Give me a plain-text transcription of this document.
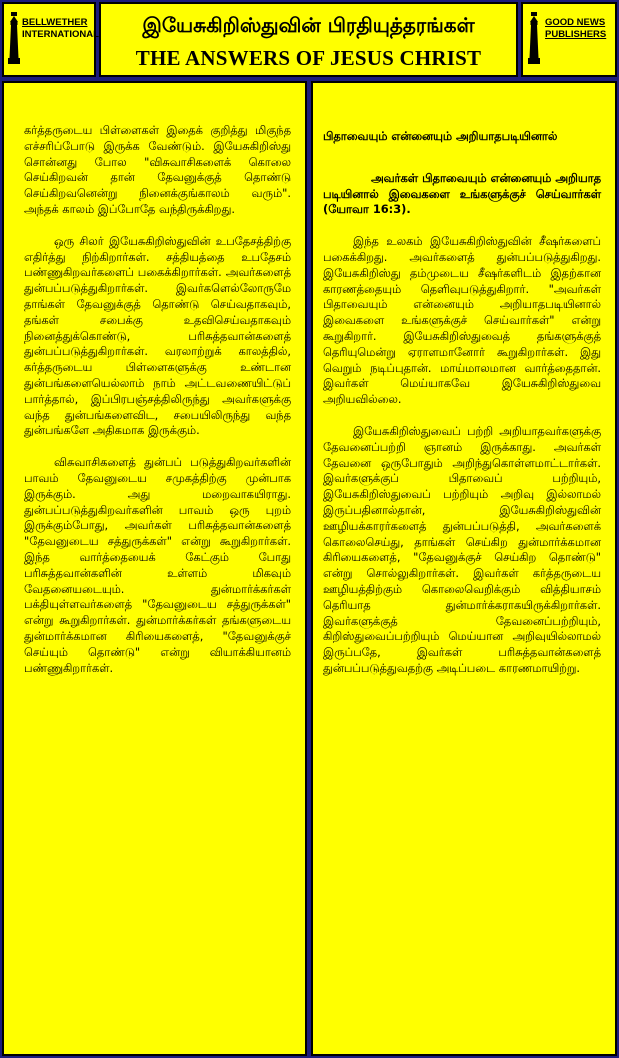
BELLWETHER
INTERNATIONAL	இயேசுகிறிஸ்துவின் பிரதியுத்தரங்கள்
THE ANSWERS OF JESUS CHRIST
GOOD NEWS
PUBLISHERS

கர்த்தருடைய பிள்ளைகள் இதைக் குறித்து மிகுந்த எச்சரிப்போடு இருக்க வேண்டும். இயேசுகிறிஸ்து சொன்னது போல "விசுவாசிகளைக் கொலை செய்கிறவன் தான் தேவனுக்குத் தொண்டு செய்கிறவனென்று நினைக்குங்காலம் வரும்". அந்தக் காலம் இப்போதே வந்திருக்கிறது.

ஒரு சிலர் இயேசுகிறிஸ்துவின் உபதேசத்திற்கு எதிர்த்து நிற்கிறார்கள். சத்தியத்தை உபதேசம் பண்ணுகிறவர்களைப் பகைக்கிறார்கள். அவர்களைத் துன்பப்படுத்துகிறார்கள். இவர்களெல்லோருமே தாங்கள் தேவனுக்குத் தொண்டு செய்வதாகவும், தங்கள் சபைக்கு உதவிசெய்வதாகவும் நினைத்துக்கொண்டு, பரிசுத்தவான்களைத் துன்பப்படுத்துகிறார்கள். வரலாற்றுக் காலத்தில், கர்த்தருடைய பிள்ளைகளுக்கு உண்டான துன்பங்களையெல்லாம் நாம் அட்டவணையிட்டுப் பார்த்தால், இப்பிரபஞ்சத்திலிருந்து அவர்களுக்கு வந்த துன்பங்களைவிட, சபையிலிருந்து வந்த துன்பங்களே அதிகமாக இருக்கும்.

விசுவாசிகளைத் துன்பப் படுத்துகிறவர்களின் பாவம் தேவனுடைய சமுகத்திற்கு முன்பாக இருக்கும். அது மறைவாகயிராது. துன்பப்படுத்துகிறவர்களின் பாவம் ஒரு புறம் இருக்கும்போது, அவர்கள் பரிசுத்தவான்களைத் "தேவனுடைய சத்துருக்கள்" என்று கூறுகிறார்கள். இந்த வார்த்தையைக் கேட்கும் போது பரிசுத்தவான்களின் உள்ளம் மிகவும் வேதனையடையும். துன்மார்க்கர்கள் பக்தியுள்ளவர்களைத் "தேவனுடைய சத்துருக்கள்" என்று கூறுகிறார்கள். துன்மார்க்கர்கள் தங்களுடைய துன்மார்க்கமான கிரியைகளைத், "தேவனுக்குச் செய்யும் தொண்டு" என்று வியாக்கியானம் பண்ணுகிறார்கள்.

பிதாவையும் என்னையும் அறியாதபடியினால்

அவர்கள் பிதாவையும் என்னையும் அறியாத படியினால் இவைகளை உங்களுக்குச் செய்வார்கள் (யோவா 16:3).

இந்த உலகம் இயேசுகிறிஸ்துவின் சீஷர்களைப் பகைக்கிறது. அவர்களைத் துன்பப்படுத்துகிறது. இயேசுகிறிஸ்து தம்முடைய சீஷர்களிடம் இதற்கான காரணத்தையும் தெளிவுபடுத்துகிறார். "அவர்கள் பிதாவையும் என்னையும் அறியாதபடியினால் இவைகளை உங்களுக்குச் செய்வார்கள்" என்று கூறுகிறார். இயேசுகிறிஸ்துவைத் தங்களுக்குத் தெரியுமென்று ஏராளமானோர் கூறுகிறார்கள். இது வெறும் நடிப்புதான். மாய்மாலமான வார்த்தைதான். இவர்கள் மெய்யாகவே இயேசுகிறிஸ்துவை அறியவில்லை.

இயேசுகிறிஸ்துவைப் பற்றி அறியாதவர்களுக்கு தேவனைப்பற்றி ஞானம் இருக்காது. அவர்கள் தேவனை ஒருபோதும் அறிந்துகொள்ளமாட்டார்கள். இவர்களுக்குப் பிதாவைப் பற்றியும், இயேசுகிறிஸ்துவைப் பற்றியும் அறிவு இல்லாமல் இருப்பதினால்தான், இயேசுகிறிஸ்துவின் ஊழியக்காரர்களைத் துன்பப்படுத்தி, அவர்களைக் கொலைசெய்து, தாங்கள் செய்கிற துன்மார்க்கமான கிரியைகளைத், "தேவனுக்குச் செய்கிற தொண்டு" என்று சொல்லுகிறார்கள். இவர்கள் கர்த்தருடைய ஊழியத்திற்கும் கொலைவெறிக்கும் வித்தியாசம் தெரியாத துன்மார்க்கராகயிருக்கிறார்கள். இவர்களுக்குத் தேவனைப்பற்றியும், கிறிஸ்துவைப்பற்றியும் மெய்யான அறிவுயில்லாமல் இருப்பதே, இவர்கள் பரிசுத்தவான்களைத் துன்பப்படுத்துவதற்கு அடிப்படை காரணமாயிற்று.
